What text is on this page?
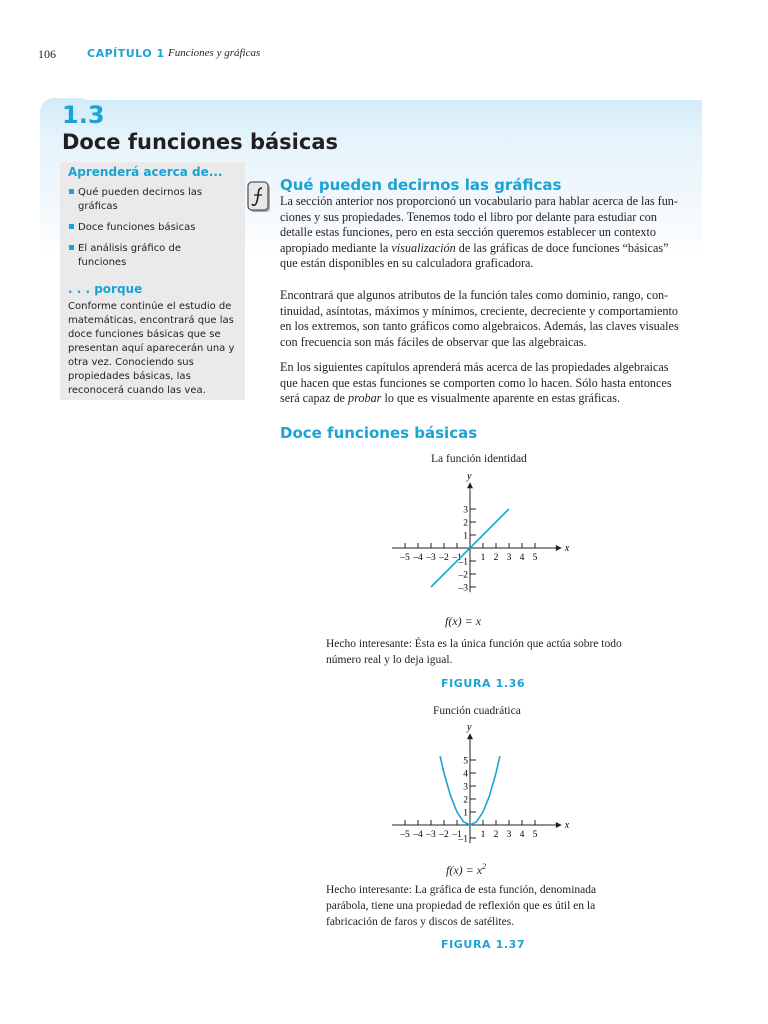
106	CAPÍTULO 1 Funciones y gráficas
1.3
Doce funciones básicas
Aprenderá acerca de...
Qué pueden decirnos las
gráficas
Doce funciones básicas
El análisis gráfico de
funciones
. . . porque
Conforme continúe el estudio de
matemáticas, encontrará que las
doce funciones básicas que se
presentan aquí aparecerán una y
otra vez. Conociendo sus
propiedades básicas, las
reconocerá cuando las vea.
Qué pueden decirnos las gráficas
La sección anterior nos proporcionó un vocabulario para hablar acerca de las fun-
ciones y sus propiedades. Tenemos todo el libro por delante para estudiar con
detalle estas funciones, pero en esta sección queremos establecer un contexto
apropiado mediante la visualización de las gráficas de doce funciones “básicas”
que están disponibles en su calculadora graficadora.
Encontrará que algunos atributos de la función tales como dominio, rango, con-
tinuidad, asíntotas, máximos y mínimos, creciente, decreciente y comportamiento
en los extremos, son tanto gráficos como algebraicos. Además, las claves visuales
con frecuencia son más fáciles de observar que las algebraicas.
En los siguientes capítulos aprenderá más acerca de las propiedades algebraicas
que hacen que estas funciones se comporten como lo hacen. Sólo hasta entonces
será capaz de probar lo que es visualmente aparente en estas gráficas.
Doce funciones básicas
La función identidad
x
y
–5 –4 –3 –2 –1 1 2 3 4 5
3
2
1
–1
–2
–3
f(x) = x
Hecho interesante: Ésta es la única función que actúa sobre todo
número real y lo deja igual.
FIGURA 1.36
Función cuadrática
x
y
–5 –4 –3 –2 –1 1 2 3 4 5
5
4
3
2
1
–1
$f(x) = x^2$
Hecho interesante: La gráfica de esta función, denominada
parábola, tiene una propiedad de reflexión que es útil en la
fabricación de faros y discos de satélites.
FIGURA 1.37
